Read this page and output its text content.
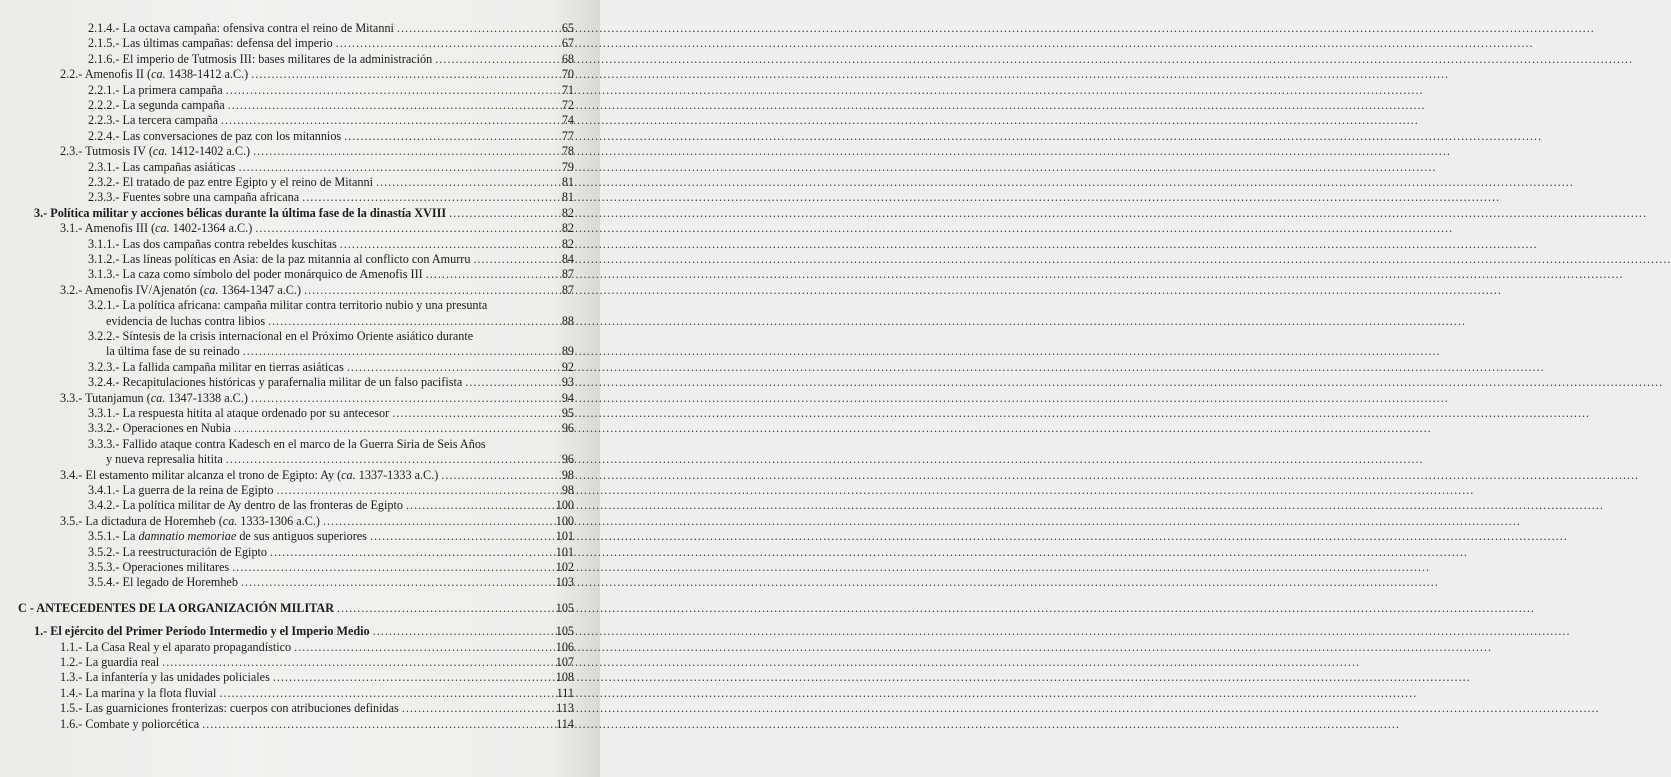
2.1.4.- La octava campaña: ofensiva contra el reino de Mitanni .....	65
2.1.5.- Las últimas campañas: defensa del imperio .....	67
2.1.6.- El imperio de Tutmosis III: bases militares de la administración .....	68
2.2.- Amenofis II (ca. 1438-1412 a.C.) .....	70
2.2.1.- La primera campaña .....	71
2.2.2.- La segunda campaña .....	72
2.2.3.- La tercera campaña .....	74
2.2.4.- Las conversaciones de paz con los mitannios .....	77
2.3.- Tutmosis IV (ca. 1412-1402 a.C.) .....	78
2.3.1.- Las campañas asiáticas .....	79
2.3.2.- El tratado de paz entre Egipto y el reino de Mitanni .....	81
2.3.3.- Fuentes sobre una campaña africana .....	81
3.- Política militar y acciones bélicas durante la última fase de la dinastía XVIII .....	82
3.1.- Amenofis III (ca. 1402-1364 a.C.) .....	82
3.1.1.- Las dos campañas contra rebeldes kuschitas .....	82
3.1.2.- Las líneas políticas en Asia: de la paz mitannia al conflicto con Amurru .....	84
3.1.3.- La caza como símbolo del poder monárquico de Amenofis III .....	87
3.2.- Amenofis IV/Ajenatón (ca. 1364-1347 a.C.) .....	87
3.2.1.- La política africana: campaña militar contra territorio nubio y una presunta
evidencia de luchas contra libios .....	88
3.2.2.- Síntesis de la crisis internacional en el Próximo Oriente asiático durante
la última fase de su reinado .....	89
3.2.3.- La fallida campaña militar en tierras asiáticas .....	92
3.2.4.- Recapitulaciones históricas y parafernalia militar de un falso pacifista .....	93
3.3.- Tutanjamun (ca. 1347-1338 a.C.) .....	94
3.3.1.- La respuesta hitita al ataque ordenado por su antecesor .....	95
3.3.2.- Operaciones en Nubia .....	96
3.3.3.- Fallido ataque contra Kadesch en el marco de la Guerra Siria de Seis Años
y nueva represalia hitita .....	96
3.4.- El estamento militar alcanza el trono de Egipto: Ay (ca. 1337-1333 a.C.) .....	98
3.4.1.- La guerra de la reina de Egipto .....	98
3.4.2.- La política militar de Ay dentro de las fronteras de Egipto .....	100
3.5.- La dictadura de Horemheb (ca. 1333-1306 a.C.) .....	100
3.5.1.- La damnatio memoriae de sus antiguos superiores .....	101
3.5.2.- La reestructuración de Egipto .....	101
3.5.3.- Operaciones militares .....	102
3.5.4.- El legado de Horemheb .....	103
C - ANTECEDENTES DE LA ORGANIZACIÓN MILITAR .....	105
1.- El ejército del Primer Período Intermedio y el Imperio Medio .....	105
1.1.- La Casa Real y el aparato propagandístico .....	106
1.2.- La guardia real .....	107
1.3.- La infantería y las unidades policiales .....	108
1.4.- La marina y la flota fluvial .....	111
1.5.- Las guarniciones fronterizas: cuerpos con atribuciones definidas .....	113
1.6.- Combate y poliorcética .....	114
